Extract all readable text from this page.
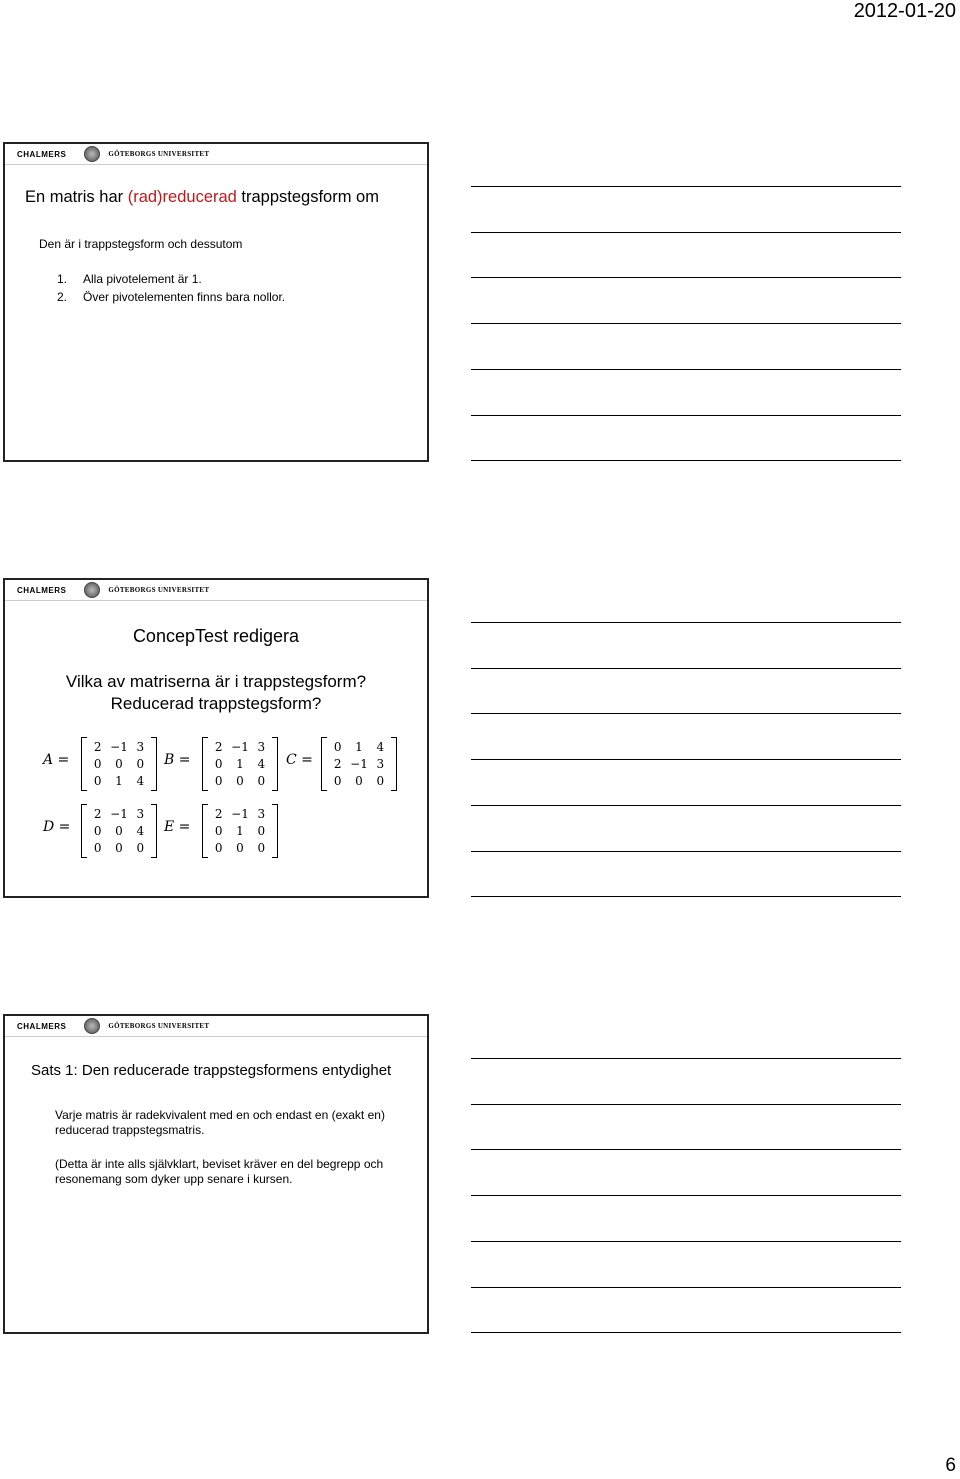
2012-01-20
CHALMERS	GÖTEBORGS UNIVERSITET
En matris har (rad)reducerad trappstegsform om
Den är i trappstegsform och dessutom
1. Alla pivotelement är 1.
2. Över pivotelementen finns bara nollor.
CHALMERS	GÖTEBORGS UNIVERSITET
ConcepTest redigera
Vilka av matriserna är i trappstegsform?
Reducerad trappstegsform?
A =
2 −1 3
0	0	0
0	1	4
B =
2 −1 3
0	1	4
0	0	0
C =
0	1	4
2 −1 3
0	0	0
D =
2 −1 3
0	0	4
0	0	0
E =
2 −1 3
0	1	0
0	0	0
CHALMERS	GÖTEBORGS UNIVERSITET
Sats 1: Den reducerade trappstegsformens entydighet
Varje matris är radekvivalent med en och endast en (exakt en) reducerad trappstegsmatris.
(Detta är inte alls självklart, beviset kräver en del begrepp och resonemang som dyker upp senare i kursen.
6
